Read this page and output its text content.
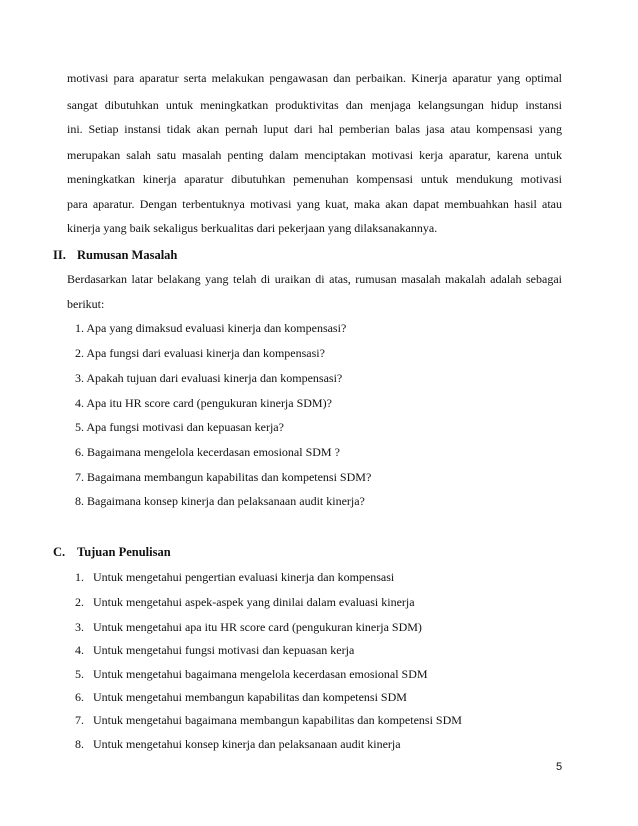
motivasi para aparatur serta melakukan pengawasan dan perbaikan. Kinerja aparatur yang optimal
sangat dibutuhkan untuk meningkatkan produktivitas dan menjaga kelangsungan hidup instansi
ini. Setiap instansi tidak akan pernah luput dari hal pemberian balas jasa atau kompensasi yang
merupakan salah satu masalah penting dalam menciptakan motivasi kerja aparatur, karena untuk
meningkatkan kinerja aparatur dibutuhkan pemenuhan kompensasi untuk mendukung motivasi
para aparatur. Dengan terbentuknya motivasi yang kuat, maka akan dapat membuahkan hasil atau
kinerja yang baik sekaligus berkualitas dari pekerjaan yang dilaksanakannya.
II. Rumusan Masalah
Berdasarkan latar belakang yang telah di uraikan di atas, rumusan masalah makalah adalah sebagai
berikut:
1. Apa yang dimaksud evaluasi kinerja dan kompensasi?
2. Apa fungsi dari evaluasi kinerja dan kompensasi?
3. Apakah tujuan dari evaluasi kinerja dan kompensasi?
4. Apa itu HR score card (pengukuran kinerja SDM)?
5. Apa fungsi motivasi dan kepuasan kerja?
6. Bagaimana mengelola kecerdasan emosional SDM ?
7. Bagaimana membangun kapabilitas dan kompetensi SDM?
8. Bagaimana konsep kinerja dan pelaksanaan audit kinerja?
C. Tujuan Penulisan
1. Untuk mengetahui pengertian evaluasi kinerja dan kompensasi
2. Untuk mengetahui aspek-aspek yang dinilai dalam evaluasi kinerja
3. Untuk mengetahui apa itu HR score card (pengukuran kinerja SDM)
4. Untuk mengetahui fungsi motivasi dan kepuasan kerja
5. Untuk mengetahui bagaimana mengelola kecerdasan emosional SDM
6. Untuk mengetahui membangun kapabilitas dan kompetensi SDM
7. Untuk mengetahui bagaimana membangun kapabilitas dan kompetensi SDM
8. Untuk mengetahui konsep kinerja dan pelaksanaan audit kinerja
5
